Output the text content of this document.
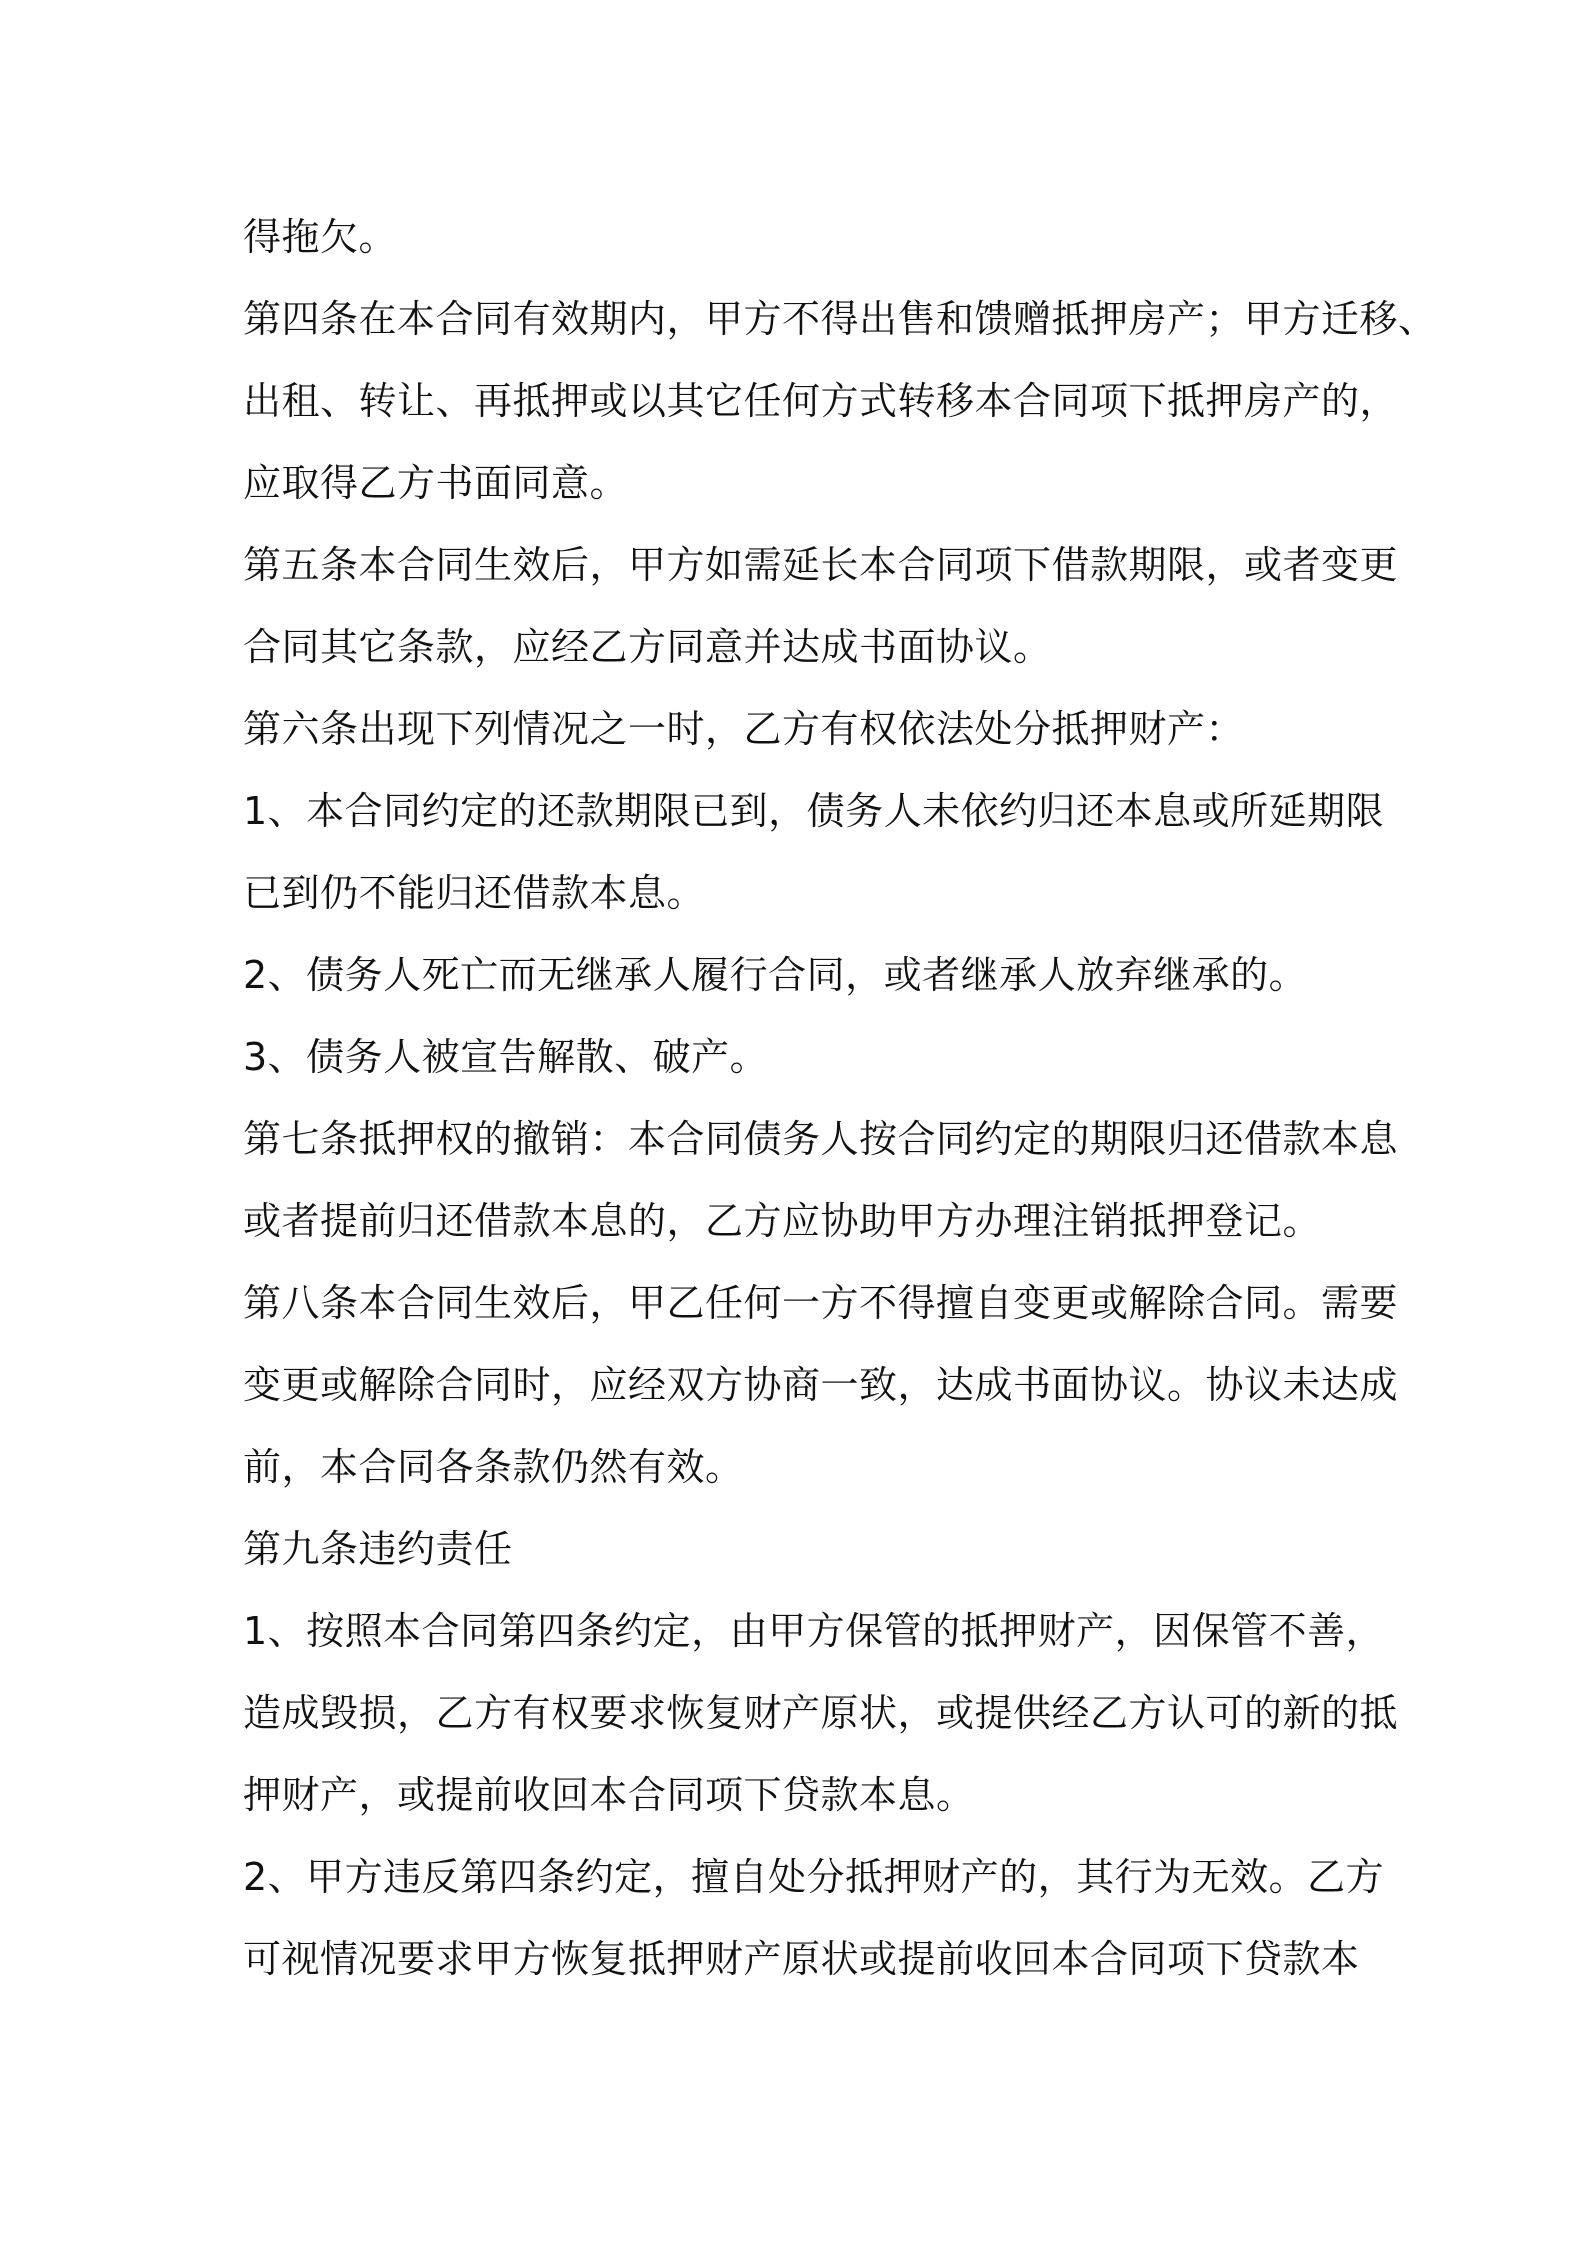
得拖欠。
第四条在本合同有效期内，甲方不得出售和馈赠抵押房产；甲方迁移、
出租、转让、再抵押或以其它任何方式转移本合同项下抵押房产的，
应取得乙方书面同意。
第五条本合同生效后，甲方如需延长本合同项下借款期限，或者变更
合同其它条款，应经乙方同意并达成书面协议。
第六条出现下列情况之一时，乙方有权依法处分抵押财产：
1、本合同约定的还款期限已到，债务人未依约归还本息或所延期限
已到仍不能归还借款本息。
2、债务人死亡而无继承人履行合同，或者继承人放弃继承的。
3、债务人被宣告解散、破产。
第七条抵押权的撤销：本合同债务人按合同约定的期限归还借款本息
或者提前归还借款本息的，乙方应协助甲方办理注销抵押登记。
第八条本合同生效后，甲乙任何一方不得擅自变更或解除合同。需要
变更或解除合同时，应经双方协商一致，达成书面协议。协议未达成
前，本合同各条款仍然有效。
第九条违约责任
1、按照本合同第四条约定，由甲方保管的抵押财产，因保管不善，
造成毁损，乙方有权要求恢复财产原状，或提供经乙方认可的新的抵
押财产，或提前收回本合同项下贷款本息。
2、甲方违反第四条约定，擅自处分抵押财产的，其行为无效。乙方
可视情况要求甲方恢复抵押财产原状或提前收回本合同项下贷款本
